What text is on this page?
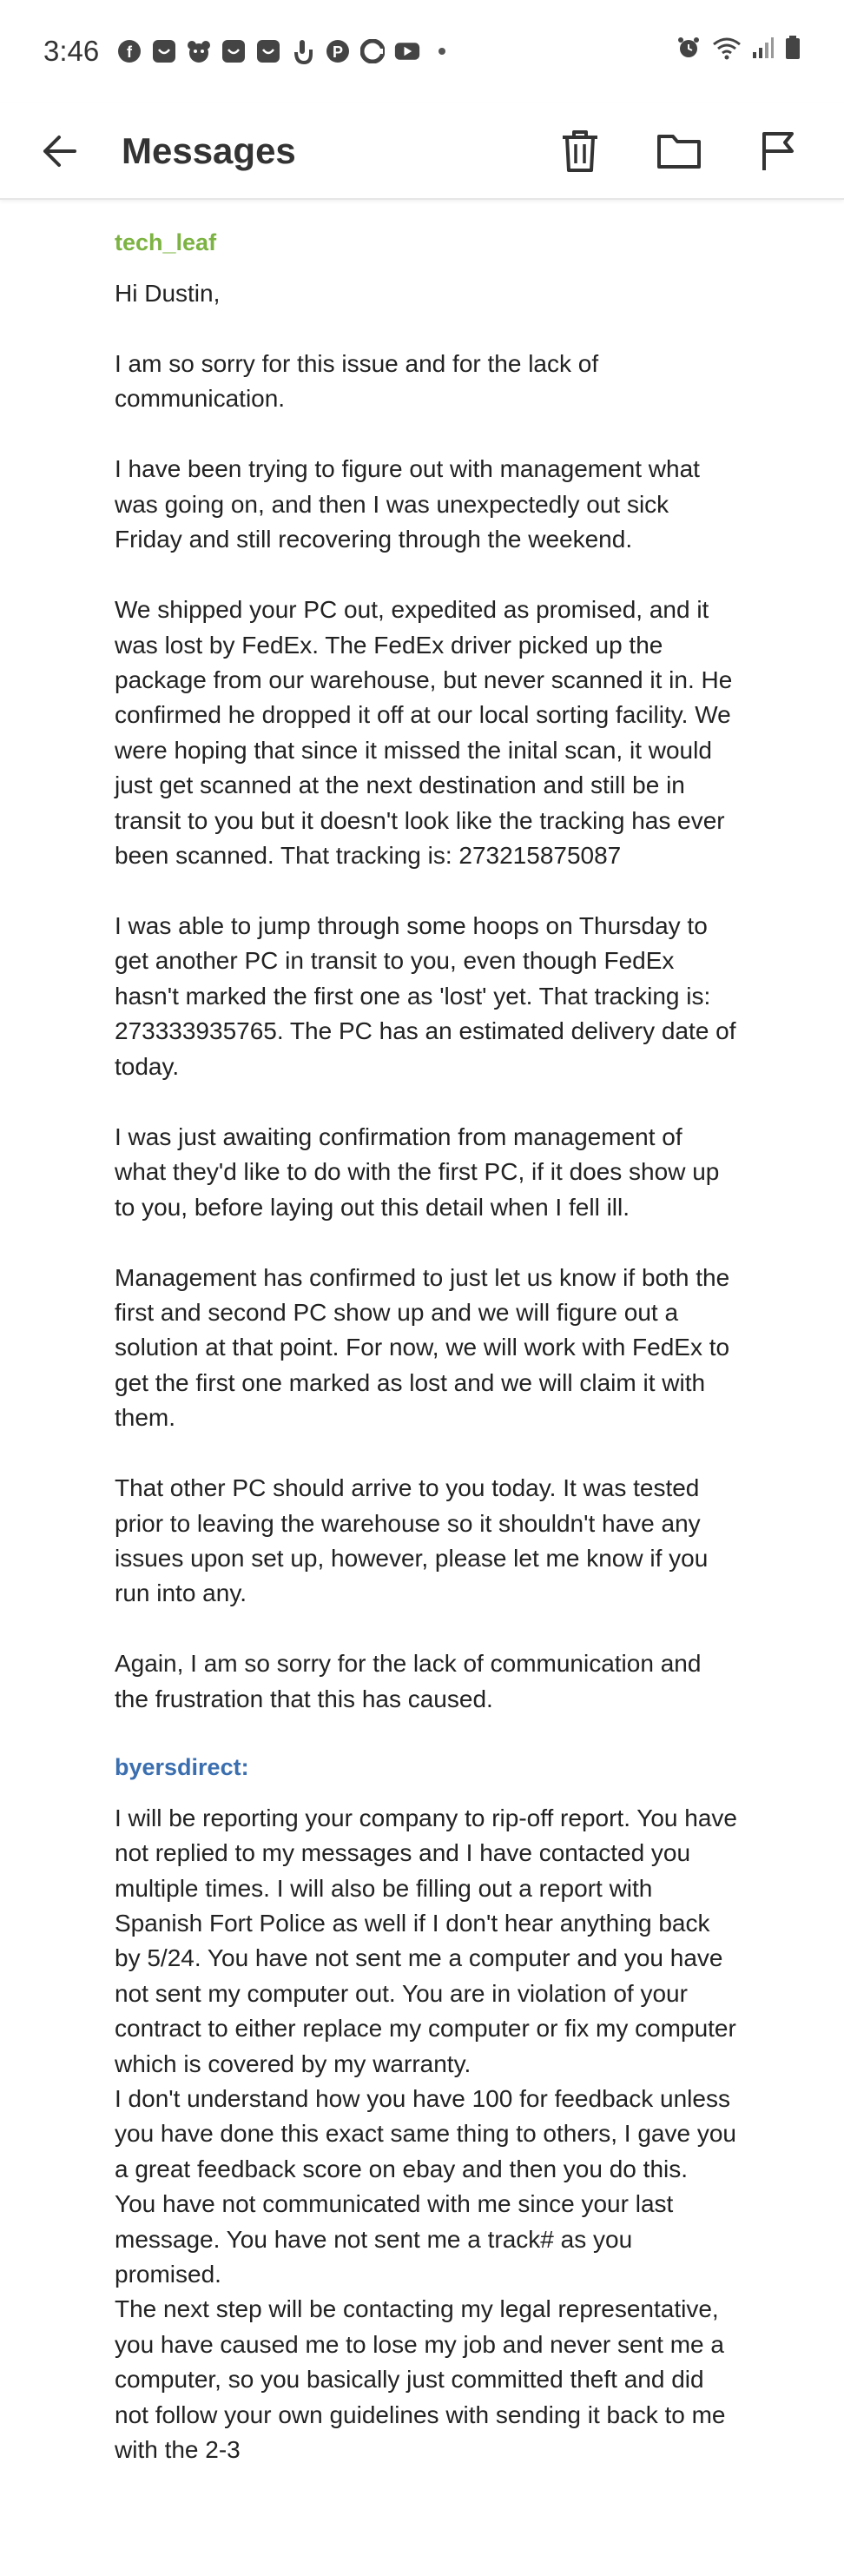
3:46 f	P
Messages
tech_leaf

Hi Dustin,

I am so sorry for this issue and for the lack of communication.

I have been trying to figure out with management what was going on, and then I was unexpectedly out sick Friday and still recovering through the weekend.

We shipped your PC out, expedited as promised, and it was lost by FedEx. The FedEx driver picked up the package from our warehouse, but never scanned it in. He confirmed he dropped it off at our local sorting facility. We were hoping that since it missed the inital scan, it would just get scanned at the next destination and still be in transit to you but it doesn't look like the tracking has ever been scanned. That tracking is: 273215875087

I was able to jump through some hoops on Thursday to get another PC in transit to you, even though FedEx hasn't marked the first one as 'lost' yet. That tracking is: 273333935765. The PC has an estimated delivery date of today.

I was just awaiting confirmation from management of what they'd like to do with the first PC, if it does show up to you, before laying out this detail when I fell ill.

Management has confirmed to just let us know if both the first and second PC show up and we will figure out a solution at that point. For now, we will work with FedEx to get the first one marked as lost and we will claim it with them.

That other PC should arrive to you today. It was tested prior to leaving the warehouse so it shouldn't have any issues upon set up, however, please let me know if you run into any.

Again, I am so sorry for the lack of communication and the frustration that this has caused.

byersdirect:

I will be reporting your company to rip-off report. You have not replied to my messages and I have contacted you multiple times. I will also be filling out a report with Spanish Fort Police as well if I don't hear anything back by 5/24. You have not sent me a computer and you have not sent my computer out. You are in violation of your contract to either replace my computer or fix my computer which is covered by my warranty.

I don't understand how you have 100 for feedback unless you have done this exact same thing to others, I gave you a great feedback score on ebay and then you do this.

You have not communicated with me since your last message. You have not sent me a track# as you promised.

The next step will be contacting my legal representative, you have caused me to lose my job and never sent me a computer, so you basically just committed theft and did not follow your own guidelines with sending it back to me with the 2-3
